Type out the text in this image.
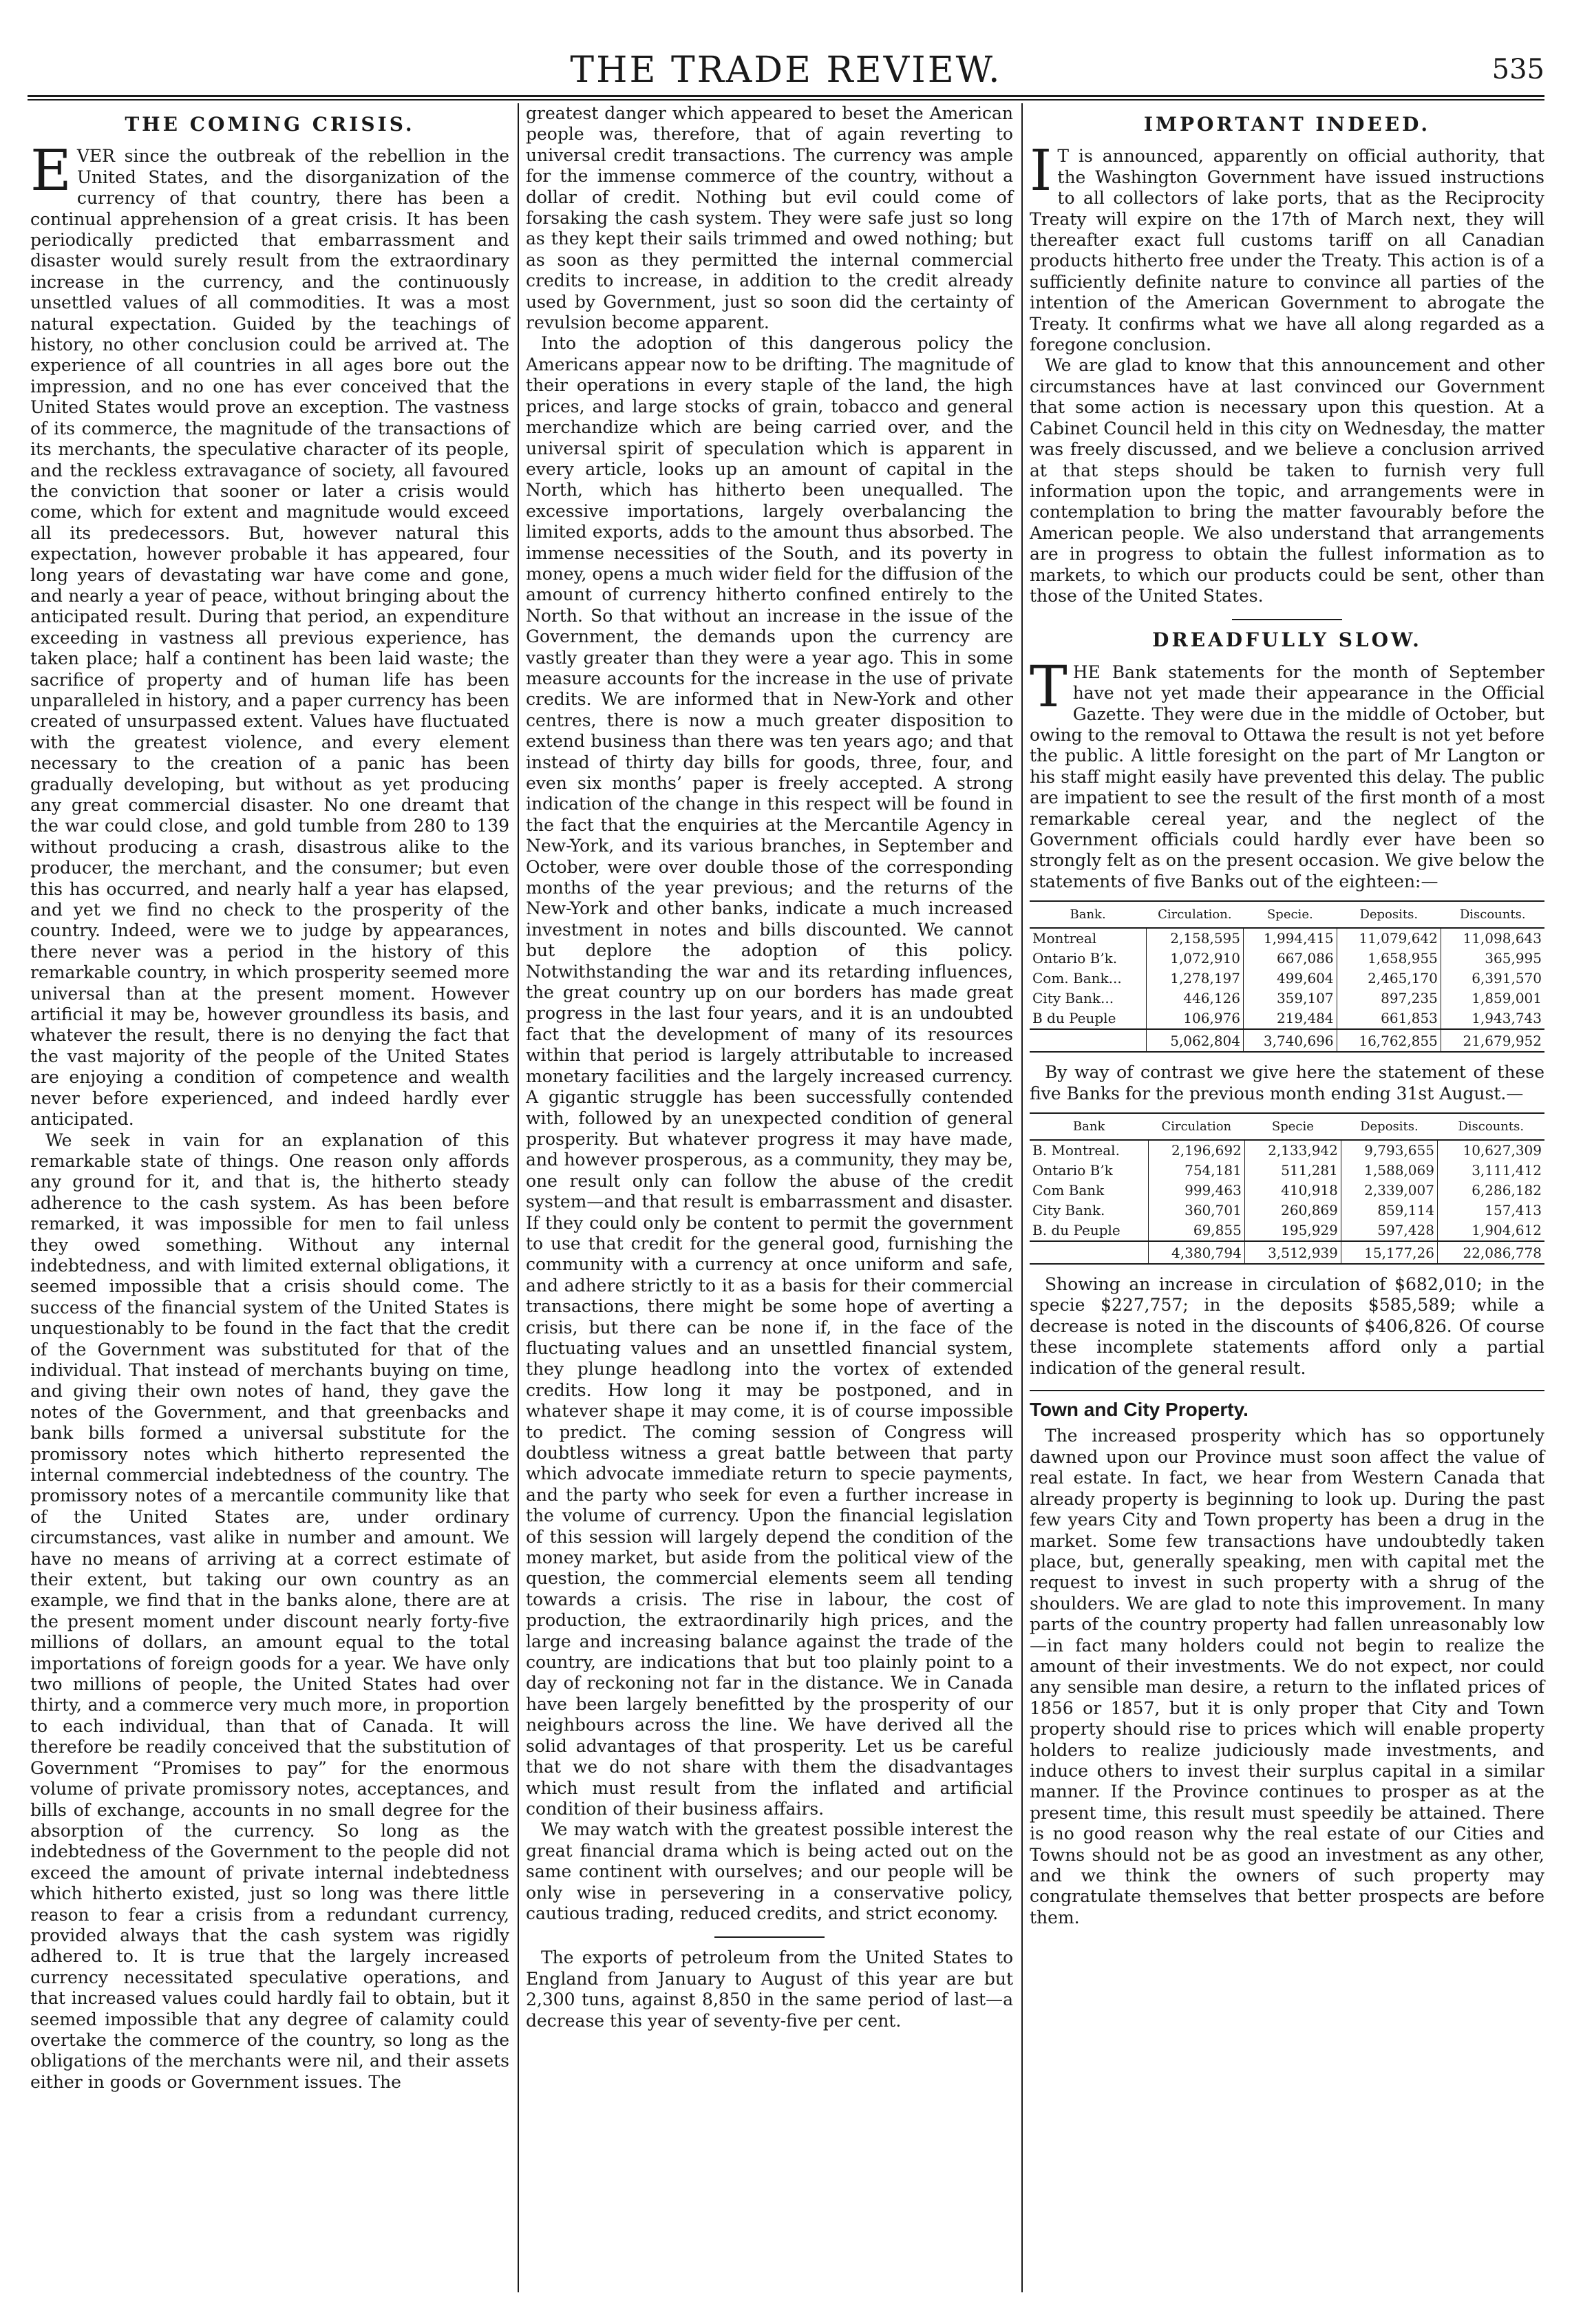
THE TRADE REVIEW.	535
THE COMING CRISIS.

EVER since the outbreak of the rebellion in the United States, and the disorganization of the currency of that country, there has been a continual apprehension of a great crisis. It has been periodically predicted that embarrassment and disaster would surely result from the extraordinary increase in the currency, and the continuously unsettled values of all commodities. It was a most natural expectation. Guided by the teachings of history, no other conclusion could be arrived at. The experience of all countries in all ages bore out the impression, and no one has ever conceived that the United States would prove an exception. The vastness of its commerce, the magnitude of the transactions of its merchants, the speculative character of its people, and the reckless extravagance of society, all favoured the conviction that sooner or later a crisis would come, which for extent and magnitude would exceed all its predecessors. But, however natural this expectation, however probable it has appeared, four long years of devastating war have come and gone, and nearly a year of peace, without bringing about the anticipated result. During that period, an expenditure exceeding in vastness all previous experience, has taken place; half a continent has been laid waste; the sacrifice of property and of human life has been unparalleled in history, and a paper currency has been created of unsurpassed extent. Values have fluctuated with the greatest violence, and every element necessary to the creation of a panic has been gradually developing, but without as yet producing any great commercial disaster. No one dreamt that the war could close, and gold tumble from 280 to 139 without producing a crash, disastrous alike to the producer, the merchant, and the consumer; but even this has occurred, and nearly half a year has elapsed, and yet we find no check to the prosperity of the country. Indeed, were we to judge by appearances, there never was a period in the history of this remarkable country, in which prosperity seemed more universal than at the present moment. However artificial it may be, however groundless its basis, and whatever the result, there is no denying the fact that the vast majority of the people of the United States are enjoying a condition of competence and wealth never before experienced, and indeed hardly ever anticipated.

We seek in vain for an explanation of this remarkable state of things. One reason only affords any ground for it, and that is, the hitherto steady adherence to the cash system. As has been before remarked, it was impossible for men to fail unless they owed something. Without any internal indebtedness, and with limited external obligations, it seemed impossible that a crisis should come. The success of the financial system of the United States is unquestionably to be found in the fact that the credit of the Government was substituted for that of the individual. That instead of merchants buying on time, and giving their own notes of hand, they gave the notes of the Government, and that greenbacks and bank bills formed a universal substitute for the promissory notes which hitherto represented the internal commercial indebtedness of the country. The promissory notes of a mercantile community like that of the United States are, under ordinary circumstances, vast alike in number and amount. We have no means of arriving at a correct estimate of their extent, but taking our own country as an example, we find that in the banks alone, there are at the present moment under discount nearly forty-five millions of dollars, an amount equal to the total importations of foreign goods for a year. We have only two millions of people, the United States had over thirty, and a commerce very much more, in proportion to each individual, than that of Canada. It will therefore be readily conceived that the substitution of Government “Promises to pay” for the enormous volume of private promissory notes, acceptances, and bills of exchange, accounts in no small degree for the absorption of the currency. So long as the indebtedness of the Government to the people did not exceed the amount of private internal indebtedness which hitherto existed, just so long was there little reason to fear a crisis from a redundant currency, provided always that the cash system was rigidly adhered to. It is true that the largely increased currency necessitated speculative operations, and that increased values could hardly fail to obtain, but it seemed impossible that any degree of calamity could overtake the commerce of the country, so long as the obligations of the merchants were nil, and their assets either in goods or Government issues. The

greatest danger which appeared to beset the American people was, therefore, that of again reverting to universal credit transactions. The currency was ample for the immense commerce of the country, without a dollar of credit. Nothing but evil could come of forsaking the cash system. They were safe just so long as they kept their sails trimmed and owed nothing; but as soon as they permitted the internal commercial credits to increase, in addition to the credit already used by Government, just so soon did the certainty of revulsion become apparent.

Into the adoption of this dangerous policy the Americans appear now to be drifting. The magnitude of their operations in every staple of the land, the high prices, and large stocks of grain, tobacco and general merchandize which are being carried over, and the universal spirit of speculation which is apparent in every article, looks up an amount of capital in the North, which has hitherto been unequalled. The excessive importations, largely overbalancing the limited exports, adds to the amount thus absorbed. The immense necessities of the South, and its poverty in money, opens a much wider field for the diffusion of the amount of currency hitherto confined entirely to the North. So that without an increase in the issue of the Government, the demands upon the currency are vastly greater than they were a year ago. This in some measure accounts for the increase in the use of private credits. We are informed that in New-York and other centres, there is now a much greater disposition to extend business than there was ten years ago; and that instead of thirty day bills for goods, three, four, and even six months’ paper is freely accepted. A strong indication of the change in this respect will be found in the fact that the enquiries at the Mercantile Agency in New-York, and its various branches, in September and October, were over double those of the corresponding months of the year previous; and the returns of the New-York and other banks, indicate a much increased investment in notes and bills discounted. We cannot but deplore the adoption of this policy. Notwithstanding the war and its retarding influences, the great country up on our borders has made great progress in the last four years, and it is an undoubted fact that the development of many of its resources within that period is largely attributable to increased monetary facilities and the largely increased currency. A gigantic struggle has been successfully contended with, followed by an unexpected condition of general prosperity. But whatever progress it may have made, and however prosperous, as a community, they may be, one result only can follow the abuse of the credit system—and that result is embarrassment and disaster. If they could only be content to permit the government to use that credit for the general good, furnishing the community with a currency at once uniform and safe, and adhere strictly to it as a basis for their commercial transactions, there might be some hope of averting a crisis, but there can be none if, in the face of the fluctuating values and an unsettled financial system, they plunge headlong into the vortex of extended credits. How long it may be postponed, and in whatever shape it may come, it is of course impossible to predict. The coming session of Congress will doubtless witness a great battle between that party which advocate immediate return to specie payments, and the party who seek for even a further increase in the volume of currency. Upon the financial legislation of this session will largely depend the condition of the money market, but aside from the political view of the question, the commercial elements seem all tending towards a crisis. The rise in labour, the cost of production, the extraordinarily high prices, and the large and increasing balance against the trade of the country, are indications that but too plainly point to a day of reckoning not far in the distance. We in Canada have been largely benefitted by the prosperity of our neighbours across the line. We have derived all the solid advantages of that prosperity. Let us be careful that we do not share with them the disadvantages which must result from the inflated and artificial condition of their business affairs.

We may watch with the greatest possible interest the great financial drama which is being acted out on the same continent with ourselves; and our people will be only wise in persevering in a conservative policy, cautious trading, reduced credits, and strict economy.

The exports of petroleum from the United States to England from January to August of this year are but 2,300 tuns, against 8,850 in the same period of last—a decrease this year of seventy-five per cent.

IMPORTANT INDEED.

I T is announced, apparently on official authority, that the Washington Government have issued instructions to all collectors of lake ports, that as the Reciprocity Treaty will expire on the 17th of March next, they will thereafter exact full customs tariff on all Canadian products hitherto free under the Treaty. This action is of a sufficiently definite nature to convince all parties of the intention of the American Government to abrogate the Treaty. It confirms what we have all along regarded as a foregone conclusion.

We are glad to know that this announcement and other circumstances have at last convinced our Government that some action is necessary upon this question. At a Cabinet Council held in this city on Wednesday, the matter was freely discussed, and we believe a conclusion arrived at that steps should be taken to furnish very full information upon the topic, and arrangements were in contemplation to bring the matter favourably before the American people. We also understand that arrangements are in progress to obtain the fullest information as to markets, to which our products could be sent, other than those of the United States.

DREADFULLY SLOW.

THE Bank statements for the month of September have not yet made their appearance in the Official Gazette. They were due in the middle of October, but owing to the removal to Ottawa the result is not yet before the public. A little foresight on the part of Mr Langton or his staff might easily have prevented this delay. The public are impatient to see the result of the first month of a most remarkable cereal year, and the neglect of the Government officials could hardly ever have been so strongly felt as on the present occasion. We give below the statements of five Banks out of the eighteen:—

Bank.	Circulation.	Specie.	Deposits.	Discounts.
Montreal	2,158,595	1,994,415	11,079,642	11,098,643
Ontario B’k.	1,072,910	667,086	1,658,955	365,995
Com. Bank...	1,278,197	499,604	2,465,170	6,391,570
City Bank...	446,126	359,107	897,235	1,859,001
B du Peuple	106,976	219,484	661,853	1,943,743
	5,062,804	3,740,696	16,762,855	21,679,952

By way of contrast we give here the statement of these five Banks for the previous month ending 31st August.—

Bank	Circulation	Specie	Deposits.	Discounts.
B. Montreal.	2,196,692	2,133,942	9,793,655	10,627,309
Ontario B’k	754,181	511,281	1,588,069	3,111,412
Com Bank	999,463	410,918	2,339,007	6,286,182
City Bank.	360,701	260,869	859,114	157,413
B. du Peuple	69,855	195,929	597,428	1,904,612
	4,380,794	3,512,939	15,177,26	22,086,778

Showing an increase in circulation of $682,010; in the specie $227,757; in the deposits $585,589; while a decrease is noted in the discounts of $406,826. Of course these incomplete statements afford only a partial indication of the general result.

Town and City Property.

The increased prosperity which has so opportunely dawned upon our Province must soon affect the value of real estate. In fact, we hear from Western Canada that already property is beginning to look up. During the past few years City and Town property has been a drug in the market. Some few transactions have undoubtedly taken place, but, generally speaking, men with capital met the request to invest in such property with a shrug of the shoulders. We are glad to note this improvement. In many parts of the country property had fallen unreasonably low—in fact many holders could not begin to realize the amount of their investments. We do not expect, nor could any sensible man desire, a return to the inflated prices of 1856 or 1857, but it is only proper that City and Town property should rise to prices which will enable property holders to realize judiciously made investments, and induce others to invest their surplus capital in a similar manner. If the Province continues to prosper as at the present time, this result must speedily be attained. There is no good reason why the real estate of our Cities and Towns should not be as good an investment as any other, and we think the owners of such property may congratulate themselves that better prospects are before them.
